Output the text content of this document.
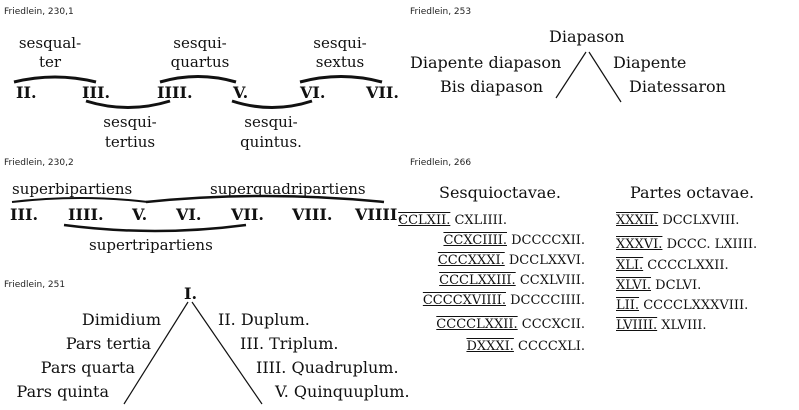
Friedlein, 230,1
sesqual-
ter
sesqui-
quartus
sesqui-
sextus
II.	III.	IIII.	V.	VI.	VII.
sesqui-
tertius
sesqui-
quintus.
Friedlein, 230,2
superbipartiens	superquadripartiens
III. IIII. V. VI. VII. VIII. VIIII.
supertripartiens
Friedlein, 251	I.
Dimidium
Pars tertia
Pars quarta
Pars quinta
II. Duplum.
III. Triplum.
IIII. Quadruplum.
V. Quinquuplum.
Friedlein, 253
Diapason
Diapente diapason
Bis diapason
Diapente
Diatessaron
Friedlein, 266
Sesquioctavae.	Partes octavae.
CCLXII. CXLIIII.
CCXCIIII. DCCCCXII.
CCCXXXI. DCCLXXVI.
CCCLXXIII. CCXLVIII.
CCCCXVIIII. DCCCCIIII.
CCCCLXXII. CCCXCII.
DXXXI. CCCCXLI.
XXXII. DCCLXVIII.
XXXVI. DCCC. LXIIII.
XLI. CCCCLXXII.
XLVI. DCLVI.
LII. CCCCLXXXVIII.
LVIIII. XLVIII.
